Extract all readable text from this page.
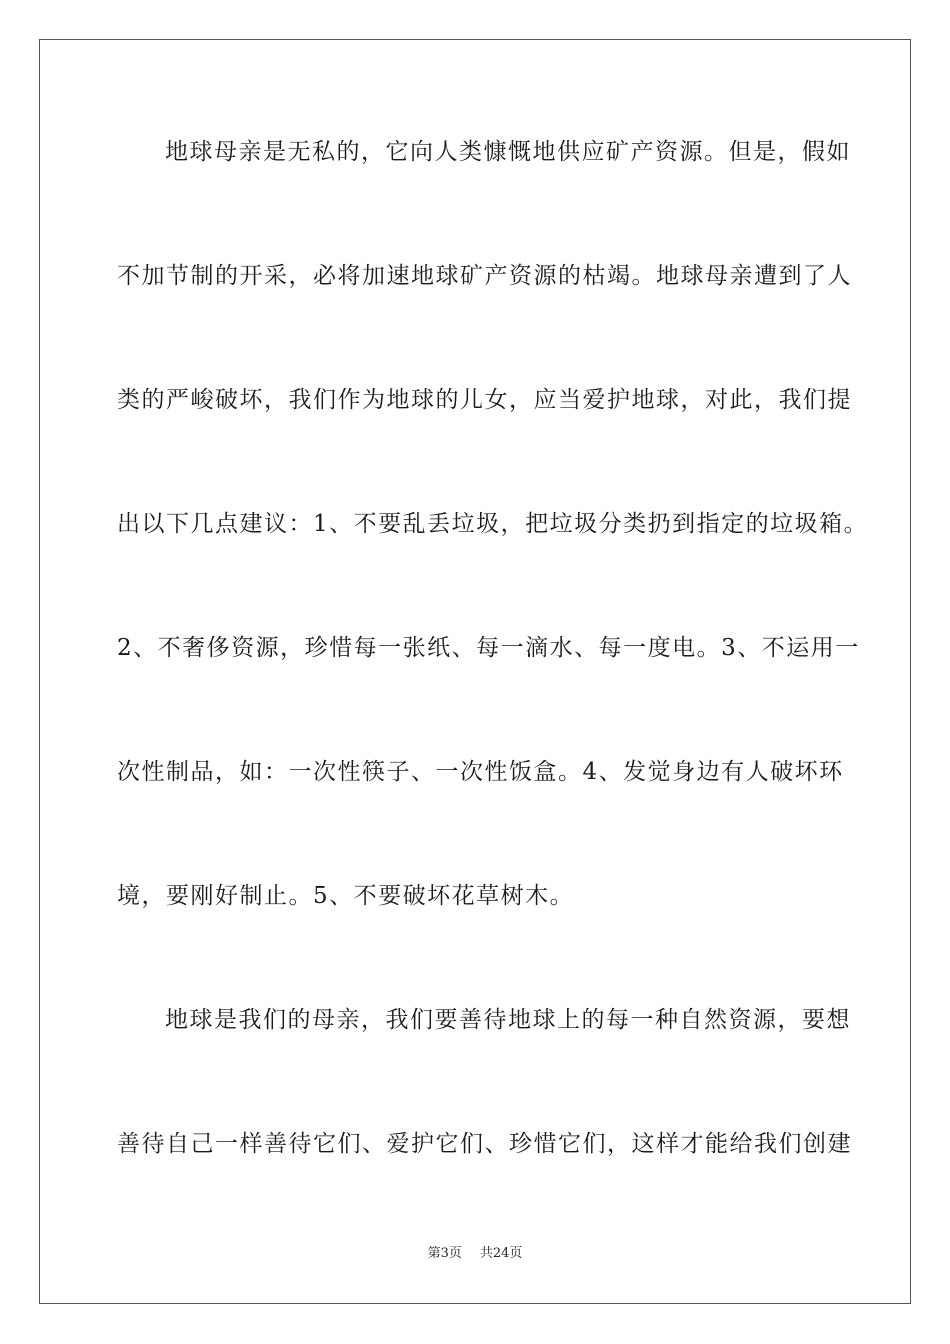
地球母亲是无私的，它向人类慷慨地供应矿产资源。但是，假如
不加节制的开采，必将加速地球矿产资源的枯竭。地球母亲遭到了人
类的严峻破坏，我们作为地球的儿女，应当爱护地球，对此，我们提
出以下几点建议：1、不要乱丢垃圾，把垃圾分类扔到指定的垃圾箱。
2、不奢侈资源，珍惜每一张纸、每一滴水、每一度电。3、不运用一
次性制品，如：一次性筷子、一次性饭盒。4、发觉身边有人破坏环
境，要刚好制止。5、不要破坏花草树木。
地球是我们的母亲，我们要善待地球上的每一种自然资源，要想
善待自己一样善待它们、爱护它们、珍惜它们，这样才能给我们创建
第3页 共24页
